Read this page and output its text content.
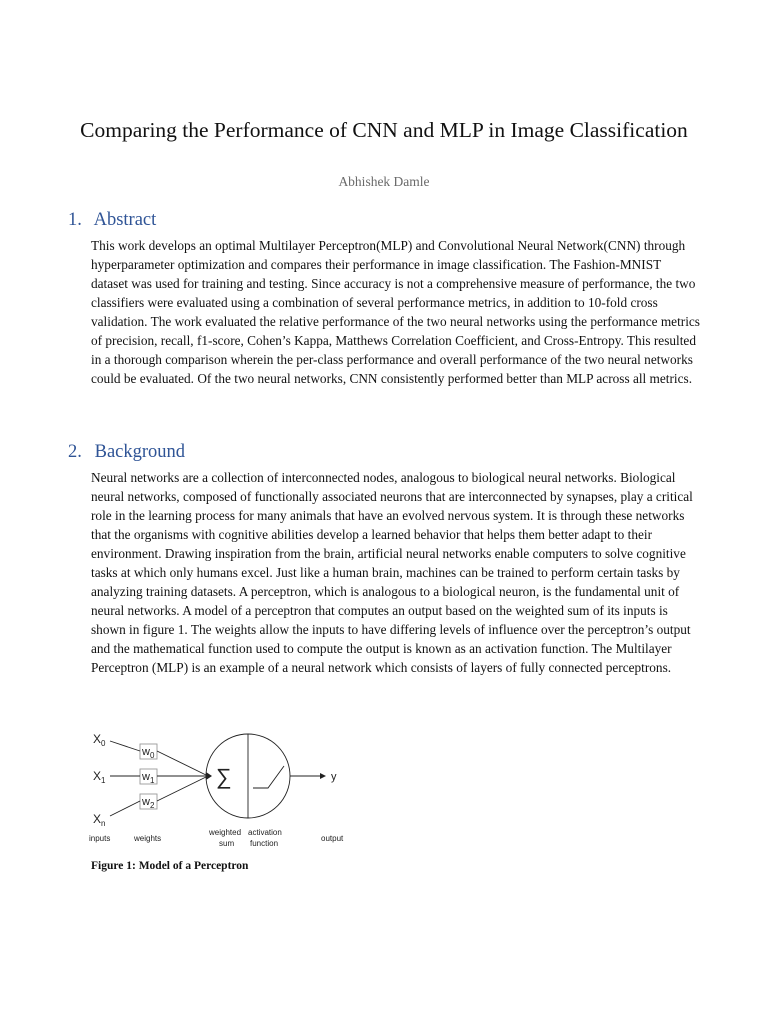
Comparing the Performance of CNN and MLP in Image Classification
Abhishek Damle
1. Abstract

This work develops an optimal Multilayer Perceptron(MLP) and Convolutional Neural Network(CNN) through hyperparameter optimization and compares their performance in image classification. The Fashion-MNIST dataset was used for training and testing. Since accuracy is not a comprehensive measure of performance, the two classifiers were evaluated using a combination of several performance metrics, in addition to 10-fold cross validation. The work evaluated the relative performance of the two neural networks using the performance metrics of precision, recall, f1-score, Cohen’s Kappa, Matthews Correlation Coefficient, and Cross-Entropy. This resulted in a thorough comparison wherein the per-class performance and overall performance of the two neural networks could be evaluated. Of the two neural networks, CNN consistently performed better than MLP across all metrics.

2. Background

Neural networks are a collection of interconnected nodes, analogous to biological neural networks. Biological neural networks, composed of functionally associated neurons that are interconnected by synapses, play a critical role in the learning process for many animals that have an evolved nervous system. It is through these networks that the organisms with cognitive abilities develop a learned behavior that helps them better adapt to their environment. Drawing inspiration from the brain, artificial neural networks enable computers to solve cognitive tasks at which only humans excel. Just like a human brain, machines can be trained to perform certain tasks by analyzing training datasets. A perceptron, which is analogous to a biological neuron, is the fundamental unit of neural networks. A model of a perceptron that computes an output based on the weighted sum of its inputs is shown in figure 1. The weights allow the inputs to have differing levels of influence over the perceptron’s output and the mathematical function used to compute the output is known as an activation function. The Multilayer Perceptron (MLP) is an example of a neural network which consists of layers of fully connected perceptrons.

$X_0$
$X_1$
$X_n$
$w_0$
$w_1$
$w_2$
∑	y
inputs	weights
weighted
sum
activation
function
output
Figure 1: Model of a Perceptron
